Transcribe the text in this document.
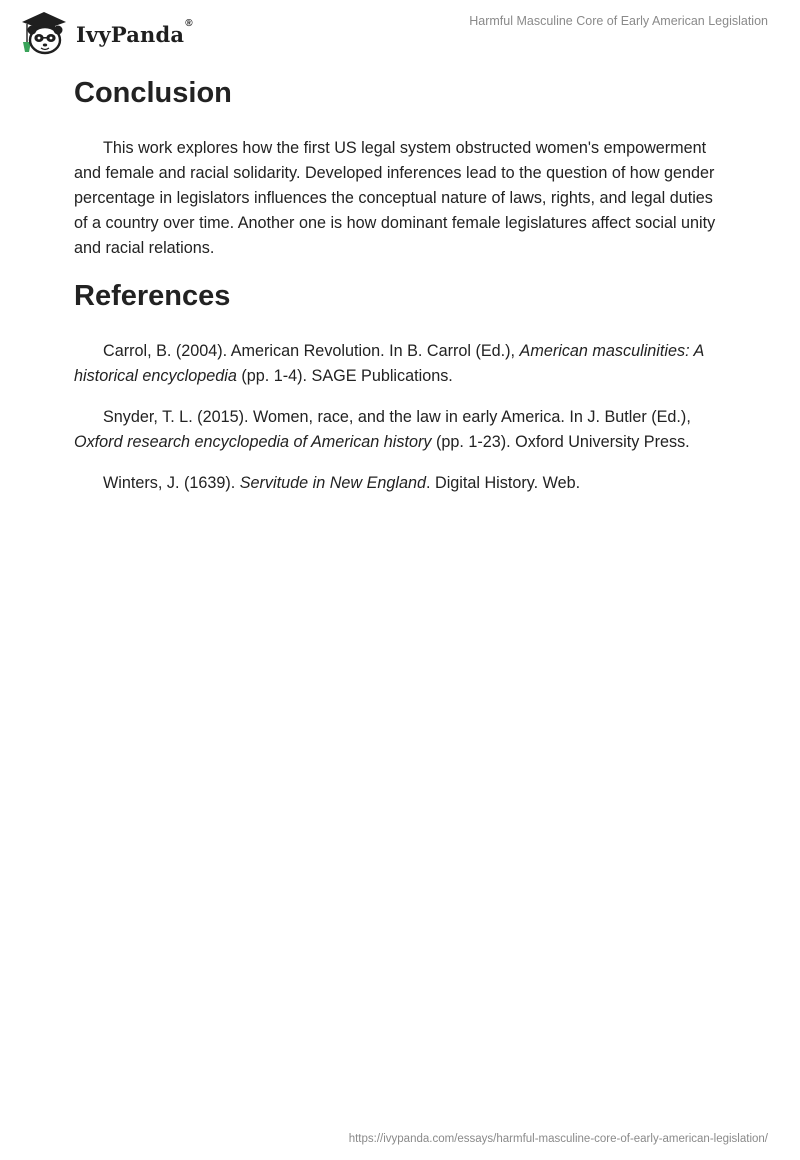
IvyPanda®	Harmful Masculine Core of Early American Legislation
Conclusion

This work explores how the first US legal system obstructed women's empowerment and female and racial solidarity. Developed inferences lead to the question of how gender percentage in legislators influences the conceptual nature of laws, rights, and legal duties of a country over time. Another one is how dominant female legislatures affect social unity and racial relations.

References

Carrol, B. (2004). American Revolution. In B. Carrol (Ed.), American masculinities: A historical encyclopedia (pp. 1-4). SAGE Publications.

Snyder, T. L. (2015). Women, race, and the law in early America. In J. Butler (Ed.), Oxford research encyclopedia of American history (pp. 1-23). Oxford University Press.

Winters, J. (1639). Servitude in New England. Digital History. Web.

https://ivypanda.com/essays/harmful-masculine-core-of-early-american-legislation/
